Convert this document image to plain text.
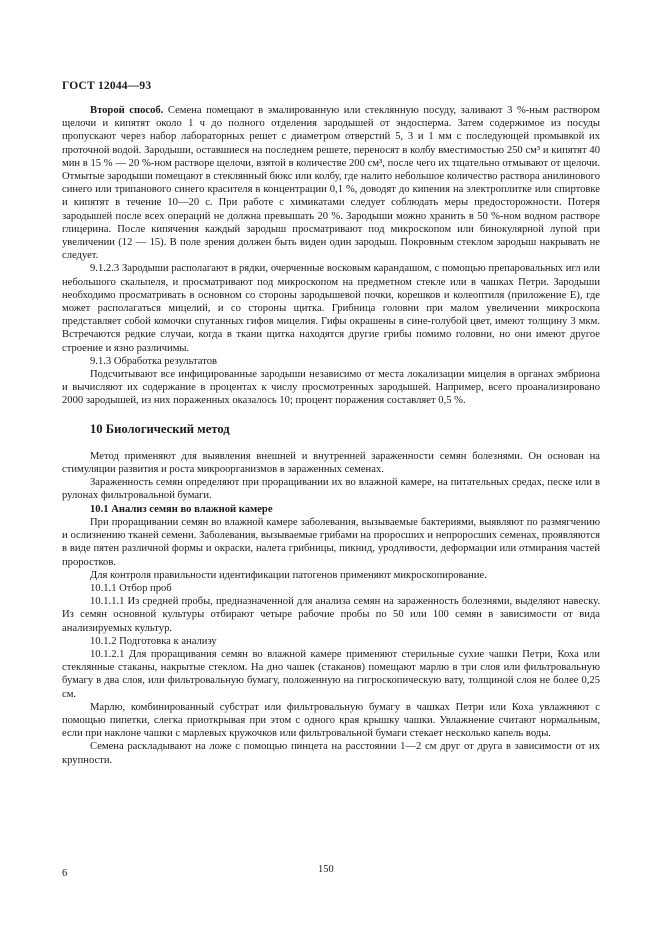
ГОСТ 12044—93

Второй способ. Семена помещают в эмалированную или стеклянную посуду, заливают 3 %-ным раствором щелочи и кипятят около 1 ч до полного отделения зародышей от эндосперма. Затем содержимое из посуды пропускают через набор лабораторных решет с диаметром отверстий 5, 3 и 1 мм с последующей промывкой их проточной водой. Зародыши, оставшиеся на последнем решете, переносят в колбу вместимостью 250 см³ и кипятят 40 мин в 15 % — 20 %-ном растворе щелочи, взятой в количестве 200 см³, после чего их тщательно отмывают от щелочи. Отмытые зародыши помещают в стеклянный бюкс или колбу, где налито небольшое количество раствора анилинового синего или трипанового синего красителя в концентрации 0,1 %, доводят до кипения на электроплитке или спиртовке и кипятят в течение 10—20 с. При работе с химикатами следует соблюдать меры предосторожности. Потеря зародышей после всех операций не должна превышать 20 %. Зародыши можно хранить в 50 %-ном водном растворе глицерина. После кипячения каждый зародыш просматривают под микроскопом или бинокулярной лупой при увеличении (12 — 15). В поле зрения должен быть виден один зародыш. Покровным стеклом зародыш накрывать не следует.

9.1.2.3 Зародыши располагают в рядки, очерченные восковым карандашом, с помощью препаровальных игл или небольшого скальпеля, и просматривают под микроскопом на предметном стекле или в чашках Петри. Зародыши необходимо просматривать в основном со стороны зародышевой почки, корешков и колеоптиля (приложение Е), где может располагаться мицелий, и со стороны щитка. Грибница головни при малом увеличении микроскопа представляет собой комочки спутанных гифов мицелия. Гифы окрашены в сине-голубой цвет, имеют толщину 3 мкм. Встречаются редкие случаи, когда в ткани щитка находятся другие грибы помимо головни, но они имеют другое строение и язно различимы.

9.1.3 Обработка результатов

Подсчитывают все инфицированные зародыши независимо от места локализации мицелия в органах эмбриона и вычисляют их содержание в процентах к числу просмотренных зародышей. Например, всего проанализировано 2000 зародышей, из них пораженных оказалось 10; процент поражения составляет 0,5 %.

10 Биологический метод

Метод применяют для выявления внешней и внутренней зараженности семян болезнями. Он основан на стимуляции развития и роста микроорганизмов в зараженных семенах.

Зараженность семян определяют при проращивании их во влажной камере, на питательных средах, песке или в рулонах фильтровальной бумаги.

10.1 Анализ семян во влажной камере

При проращивании семян во влажной камере заболевания, вызываемые бактериями, выявляют по размягчению и ослизнению тканей семени. Заболевания, вызываемые грибами на проросших и непроросших семенах, проявляются в виде пятен различной формы и окраски, налета грибницы, пикнид, уродливости, деформации или отмирания частей проростков.

Для контроля правильности идентификации патогенов применяют микроскопирование.

10.1.1 Отбор проб

10.1.1.1 Из средней пробы, предназначенной для анализа семян на зараженность болезнями, выделяют навеску. Из семян основной культуры отбирают четыре рабочие пробы по 50 или 100 семян в зависимости от вида анализируемых культур.

10.1.2 Подготовка к анализу

10.1.2.1 Для проращивания семян во влажной камере применяют стерильные сухие чашки Петри, Коха или стеклянные стаканы, накрытые стеклом. На дно чашек (стаканов) помещают марлю в три слоя или фильтровальную бумагу в два слоя, или фильтровальную бумагу, положенную на гигроскопическую вату, толщиной слоя не более 0,25 см.

Марлю, комбинированный субстрат или фильтровальную бумагу в чашках Петри или Коха увлажняют с помощью пипетки, слегка приоткрывая при этом с одного края крышку чашки. Увлажнение считают нормальным, если при наклоне чашки с марлевых кружочков или фильтровальной бумаги стекает несколько капель воды.

Семена раскладывают на ложе с помощью пинцета на расстоянии 1—2 см друг от друга в зависимости от их крупности.

6	150
